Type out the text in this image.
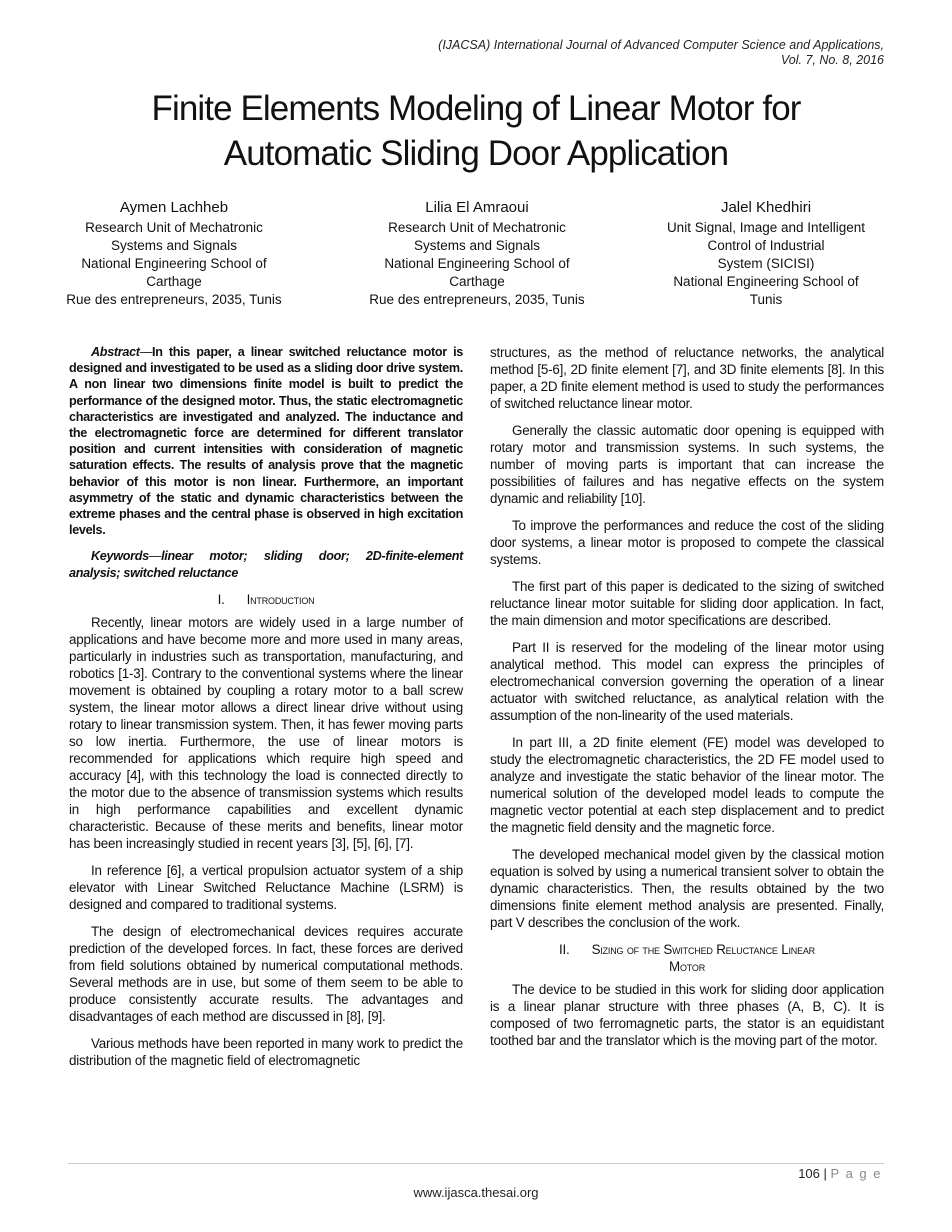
(IJACSA) International Journal of Advanced Computer Science and Applications,
Vol. 7, No. 8, 2016
Finite Elements Modeling of Linear Motor for
Automatic Sliding Door Application
Aymen Lachheb
Research Unit of Mechatronic
Systems and Signals
National Engineering School of
Carthage
Rue des entrepreneurs, 2035, Tunis
Lilia El Amraoui
Research Unit of Mechatronic
Systems and Signals
National Engineering School of
Carthage
Rue des entrepreneurs, 2035, Tunis
Jalel Khedhiri
Unit Signal, Image and Intelligent
Control of Industrial
System (SICISI)
National Engineering School of
Tunis

Abstract—In this paper, a linear switched reluctance motor is designed and investigated to be used as a sliding door drive system. A non linear two dimensions finite model is built to predict the performance of the designed motor. Thus, the static electromagnetic characteristics are investigated and analyzed. The inductance and the electromagnetic force are determined for different translator position and current intensities with consideration of magnetic saturation effects. The results of analysis prove that the magnetic behavior of this motor is non linear. Furthermore, an important asymmetry of the static and dynamic characteristics between the extreme phases and the central phase is observed in high excitation levels.

Keywords—linear motor; sliding door; 2D-finite-element analysis; switched reluctance

I. Introduction

Recently, linear motors are widely used in a large number of applications and have become more and more used in many areas, particularly in industries such as transportation, manufacturing, and robotics [1-3]. Contrary to the conventional systems where the linear movement is obtained by coupling a rotary motor to a ball screw system, the linear motor allows a direct linear drive without using rotary to linear transmission system. Then, it has fewer moving parts so low inertia. Furthermore, the use of linear motors is recommended for applications which require high speed and accuracy [4], with this technology the load is connected directly to the motor due to the absence of transmission systems which results in high performance capabilities and excellent dynamic characteristic. Because of these merits and benefits, linear motor has been increasingly studied in recent years [3], [5], [6], [7].

In reference [6], a vertical propulsion actuator system of a ship elevator with Linear Switched Reluctance Machine (LSRM) is designed and compared to traditional systems.

The design of electromechanical devices requires accurate prediction of the developed forces. In fact, these forces are derived from field solutions obtained by numerical computational methods. Several methods are in use, but some of them seem to be able to produce consistently accurate results. The advantages and disadvantages of each method are discussed in [8], [9].

Various methods have been reported in many work to predict the distribution of the magnetic field of electromagnetic

structures, as the method of reluctance networks, the analytical method [5-6], 2D finite element [7], and 3D finite elements [8]. In this paper, a 2D finite element method is used to study the performances of switched reluctance linear motor.

Generally the classic automatic door opening is equipped with rotary motor and transmission systems. In such systems, the number of moving parts is important that can increase the possibilities of failures and has negative effects on the system dynamic and reliability [10].

To improve the performances and reduce the cost of the sliding door systems, a linear motor is proposed to compete the classical systems.

The first part of this paper is dedicated to the sizing of switched reluctance linear motor suitable for sliding door application. In fact, the main dimension and motor specifications are described.

Part II is reserved for the modeling of the linear motor using analytical method. This model can express the principles of electromechanical conversion governing the operation of a linear actuator with switched reluctance, as analytical relation with the assumption of the non-linearity of the used materials.

In part III, a 2D finite element (FE) model was developed to study the electromagnetic characteristics, the 2D FE model used to analyze and investigate the static behavior of the linear motor. The numerical solution of the developed model leads to compute the magnetic vector potential at each step displacement and to predict the magnetic field density and the magnetic force.

The developed mechanical model given by the classical motion equation is solved by using a numerical transient solver to obtain the dynamic characteristics. Then, the results obtained by the two dimensions finite element method analysis are presented. Finally, part V describes the conclusion of the work.

II. Sizing of the Switched Reluctance Linear
Motor

The device to be studied in this work for sliding door application is a linear planar structure with three phases (A, B, C). It is composed of two ferromagnetic parts, the stator is an equidistant toothed bar and the translator which is the moving part of the motor.

106 | P a g e
www.ijasca.thesai.org
